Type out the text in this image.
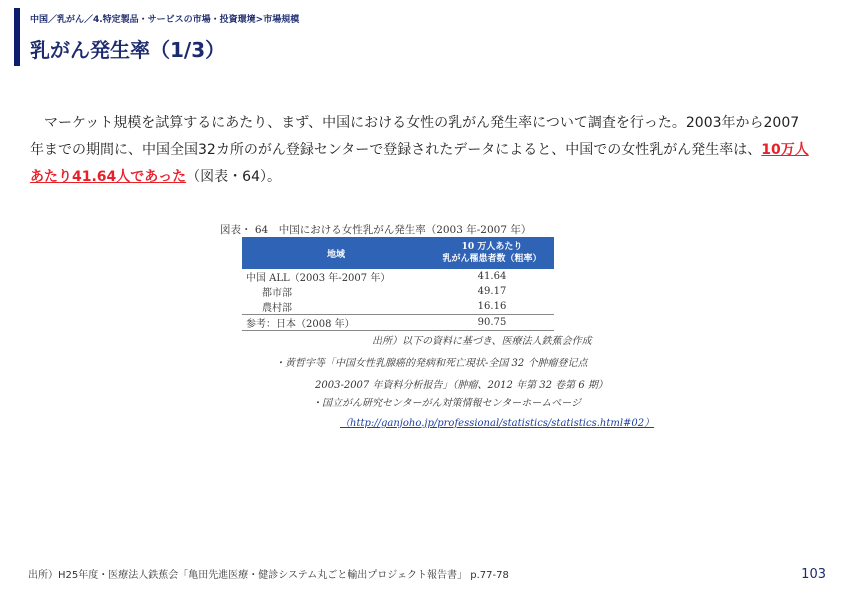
中国／乳がん／4.特定製品・サービスの市場・投資環境>市場規模
乳がん発生率（1/3）
　マーケット規模を試算するにあたり、まず、中国における女性の乳がん発生率について調査を行った。2003年から2007年までの期間に、中国全国32カ所のがん登録センターで登録されたデータによると、中国での女性乳がん発生率は、10万人あたり41.64人であった（図表・64）。
図表・ 64　中国における女性乳がん発生率（2003 年-2007 年）
地域	10 万人あたり
乳がん罹患者数（粗率）
中国 ALL（2003 年-2007 年）	41.64
都市部	49.17
農村部	16.16
参考：日本（2008 年）	90.75
出所）以下の資料に基づき、医療法人鉄蕉会作成
・黄哲宇等「中国女性乳腺癌的発病和死亡現状-全国 32 个肿瘤登记点
2003-2007 年資料分析报告」（肿瘤、2012 年第 32 卷第 6 期）
・国立がん研究センターがん対策情報センターホームページ
（http://ganjoho.jp/professional/statistics/statistics.html#02）
出所）H25年度・医療法人鉄蕉会「亀田先進医療・健診システム丸ごと輸出プロジェクト報告書」 p.77-78	103
